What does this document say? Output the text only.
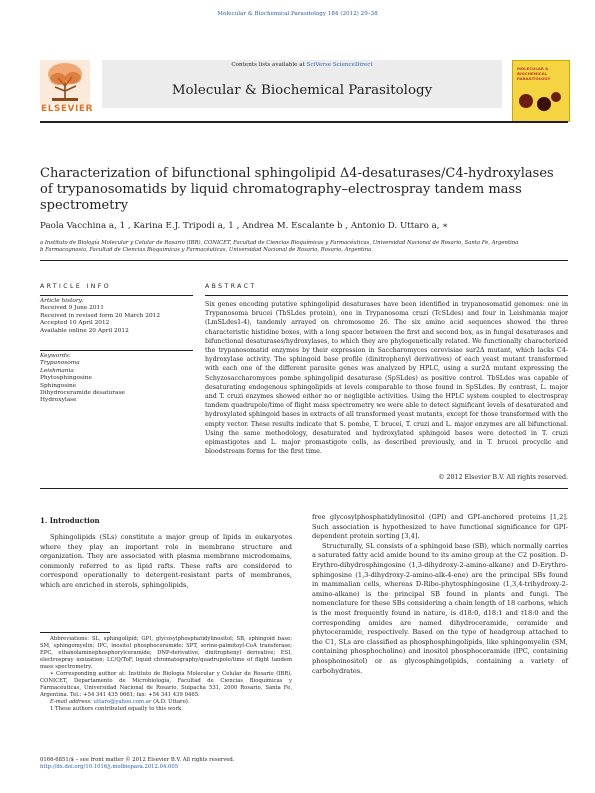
Molecular & Biochemical Parasitology 184 (2012) 29–38
ELSEVIER
Contents lists available at SciVerse ScienceDirect
Molecular & Biochemical Parasitology
MOLECULAR & BIOCHEMICAL PARASITOLOGY
Characterization of bifunctional sphingolipid Δ4-desaturases/C4-hydroxylases of trypanosomatids by liquid chromatography–electrospray tandem mass spectrometry
Paola Vacchina a, 1 , Karina E.J. Tripodi a, 1 , Andrea M. Escalante b , Antonio D. Uttaro a, ∗
a Instituto de Biología Molecular y Celular de Rosario (IBR), CONICET, Facultad de Ciencias Bioquímicas y Farmacéuticas, Universidad Nacional de Rosario, Santa Fe, Argentina
b Farmacognosia, Facultad de Ciencias Bioquímicas y Farmacéuticas, Universidad Nacional de Rosario, Rosario, Argentina
ARTICLE INFO	ABSTRACT
Article history:
Received 9 June 2011
Received in revised form 20 March 2012
Accepted 10 April 2012
Available online 20 April 2012
Keywords:
Trypanosoma
Leishmania
Phytosphingosine
Sphingosine
Dihydroceramide desaturase
Hydroxylase
Six genes encoding putative sphingolipid desaturases have been identified in trypanosomatid genomes: one in Trypanosoma brucei (TbSLdes protein), one in Trypanosoma cruzi (TcSLdes) and four in Leishmania major (LmSLdes1-4), tandemly arrayed on chromosome 26. The six amino acid sequences showed the three characteristic histidine boxes, with a long spacer between the first and second box, as in fungal desaturases and bifunctional desaturases/hydroxylases, to which they are phylogenetically related. We functionally characterized the trypanosomatid enzymes by their expression in Saccharomyces cerevisiae sur2Δ mutant, which lacks C4-hydroxylase activity. The sphingoid base profile (dinitrophenyl derivatives) of each yeast mutant transformed with each one of the different parasite genes was analyzed by HPLC, using a sur2Δ mutant expressing the Schyzosaccharomyces pombe sphingolipid desaturase (SpSLdes) as positive control. TbSLdes was capable of desaturating endogenous sphingolipids at levels comparable to those found in SpSLdes. By contrast, L. major and T. cruzi enzymes showed either no or negligible activities. Using the HPLC system coupled to electrospray tandem quadrupole/time of flight mass spectrometry we were able to detect significant levels of desaturated and hydroxylated sphingoid bases in extracts of all transformed yeast mutants, except for those transformed with the empty vector. These results indicate that S. pombe, T. brucei, T. cruzi and L. major enzymes are all bifunctional. Using the same methodology, desaturated and hydroxylated sphingoid bases were detected in T. cruzi epimastigotes and L. major promastigote cells, as described previously, and in T. brucei procyclic and bloodstream forms for the first time.
© 2012 Elsevier B.V. All rights reserved.
1. Introduction

Sphingolipids (SLs) constitute a major group of lipids in eukaryotes where they play an important role in membrane structure and organization. They are associated with plasma membrane microdomains, commonly referred to as lipid rafts. These rafts are considered to correspond operationally to detergent-resistant parts of membranes, which are enriched in sterols, sphingolipids,

Abbreviations: SL, sphingolipid; GPI, glycosylphosphatidylinositol; SB, sphingoid base; SM, sphingomyelin; IPC, inositol phosphoceramide; SPT, serine-palmitoyl-CoA transferase; EPC, ethanolaminephosphorylceramide; DNP-derivative, dinitrophenyl derivative; ESI, electrospray ionization; LC/Q/ToF, liquid chromatography/quadrupole/time of flight tandem mass spectrometry.

∗ Corresponding author at: Instituto de Biología Molecular y Celular de Rosario (IBR), CONICET, Departamento de Microbiología, Facultad de Ciencias Bioquímicas y Farmacéuticas, Universidad Nacional de Rosario, Suipacha 531, 2000 Rosario, Santa Fe, Argentina. Tel.: +54 341 435 0661; fax: +54 341 439 0465.

E-mail address: uttaro@yahoo.com.ar (A.D. Uttaro).

1 These authors contributed equally to this work.

0166-6851/$ – see front matter © 2012 Elsevier B.V. All rights reserved.
http://dx.doi.org/10.1016/j.molbiopara.2012.04.005

free glycosylphosphatidylinositol (GPI) and GPI-anchored proteins [1,2]. Such association is hypothesized to have functional significance for GPI-dependent protein sorting [3,4].

Structurally, SL consists of a sphingoid base (SB), which normally carries a saturated fatty acid amide bound to its amino group at the C2 position. D-Erythro-dihydrosphingosine (1,3-dihydroxy-2-amino-alkane) and D-Erythro-sphingosine (1,3-dihydroxy-2-amino-alk-4-ene) are the principal SBs found in mammalian cells, whereas D-Ribo-phytosphingosine (1,3,4-trihydroxy-2-amino-alkane) is the principal SB found in plants and fungi. The nomenclature for these SBs considering a chain length of 18 carbons, which is the most frequently found in nature, is d18:0, d18:1 and t18:0 and the corresponding amides are named dihydroceramide, ceramide and phytoceramide, respectively. Based on the type of headgroup attached to the C1, SLs are classified as phosphosphingolipids, like sphingomyelin (SM, containing phosphocholine) and inositol phosphoceramide (IPC, containing phosphoinositol) or as glycosphingolipids, containing a variety of carbohydrates.
